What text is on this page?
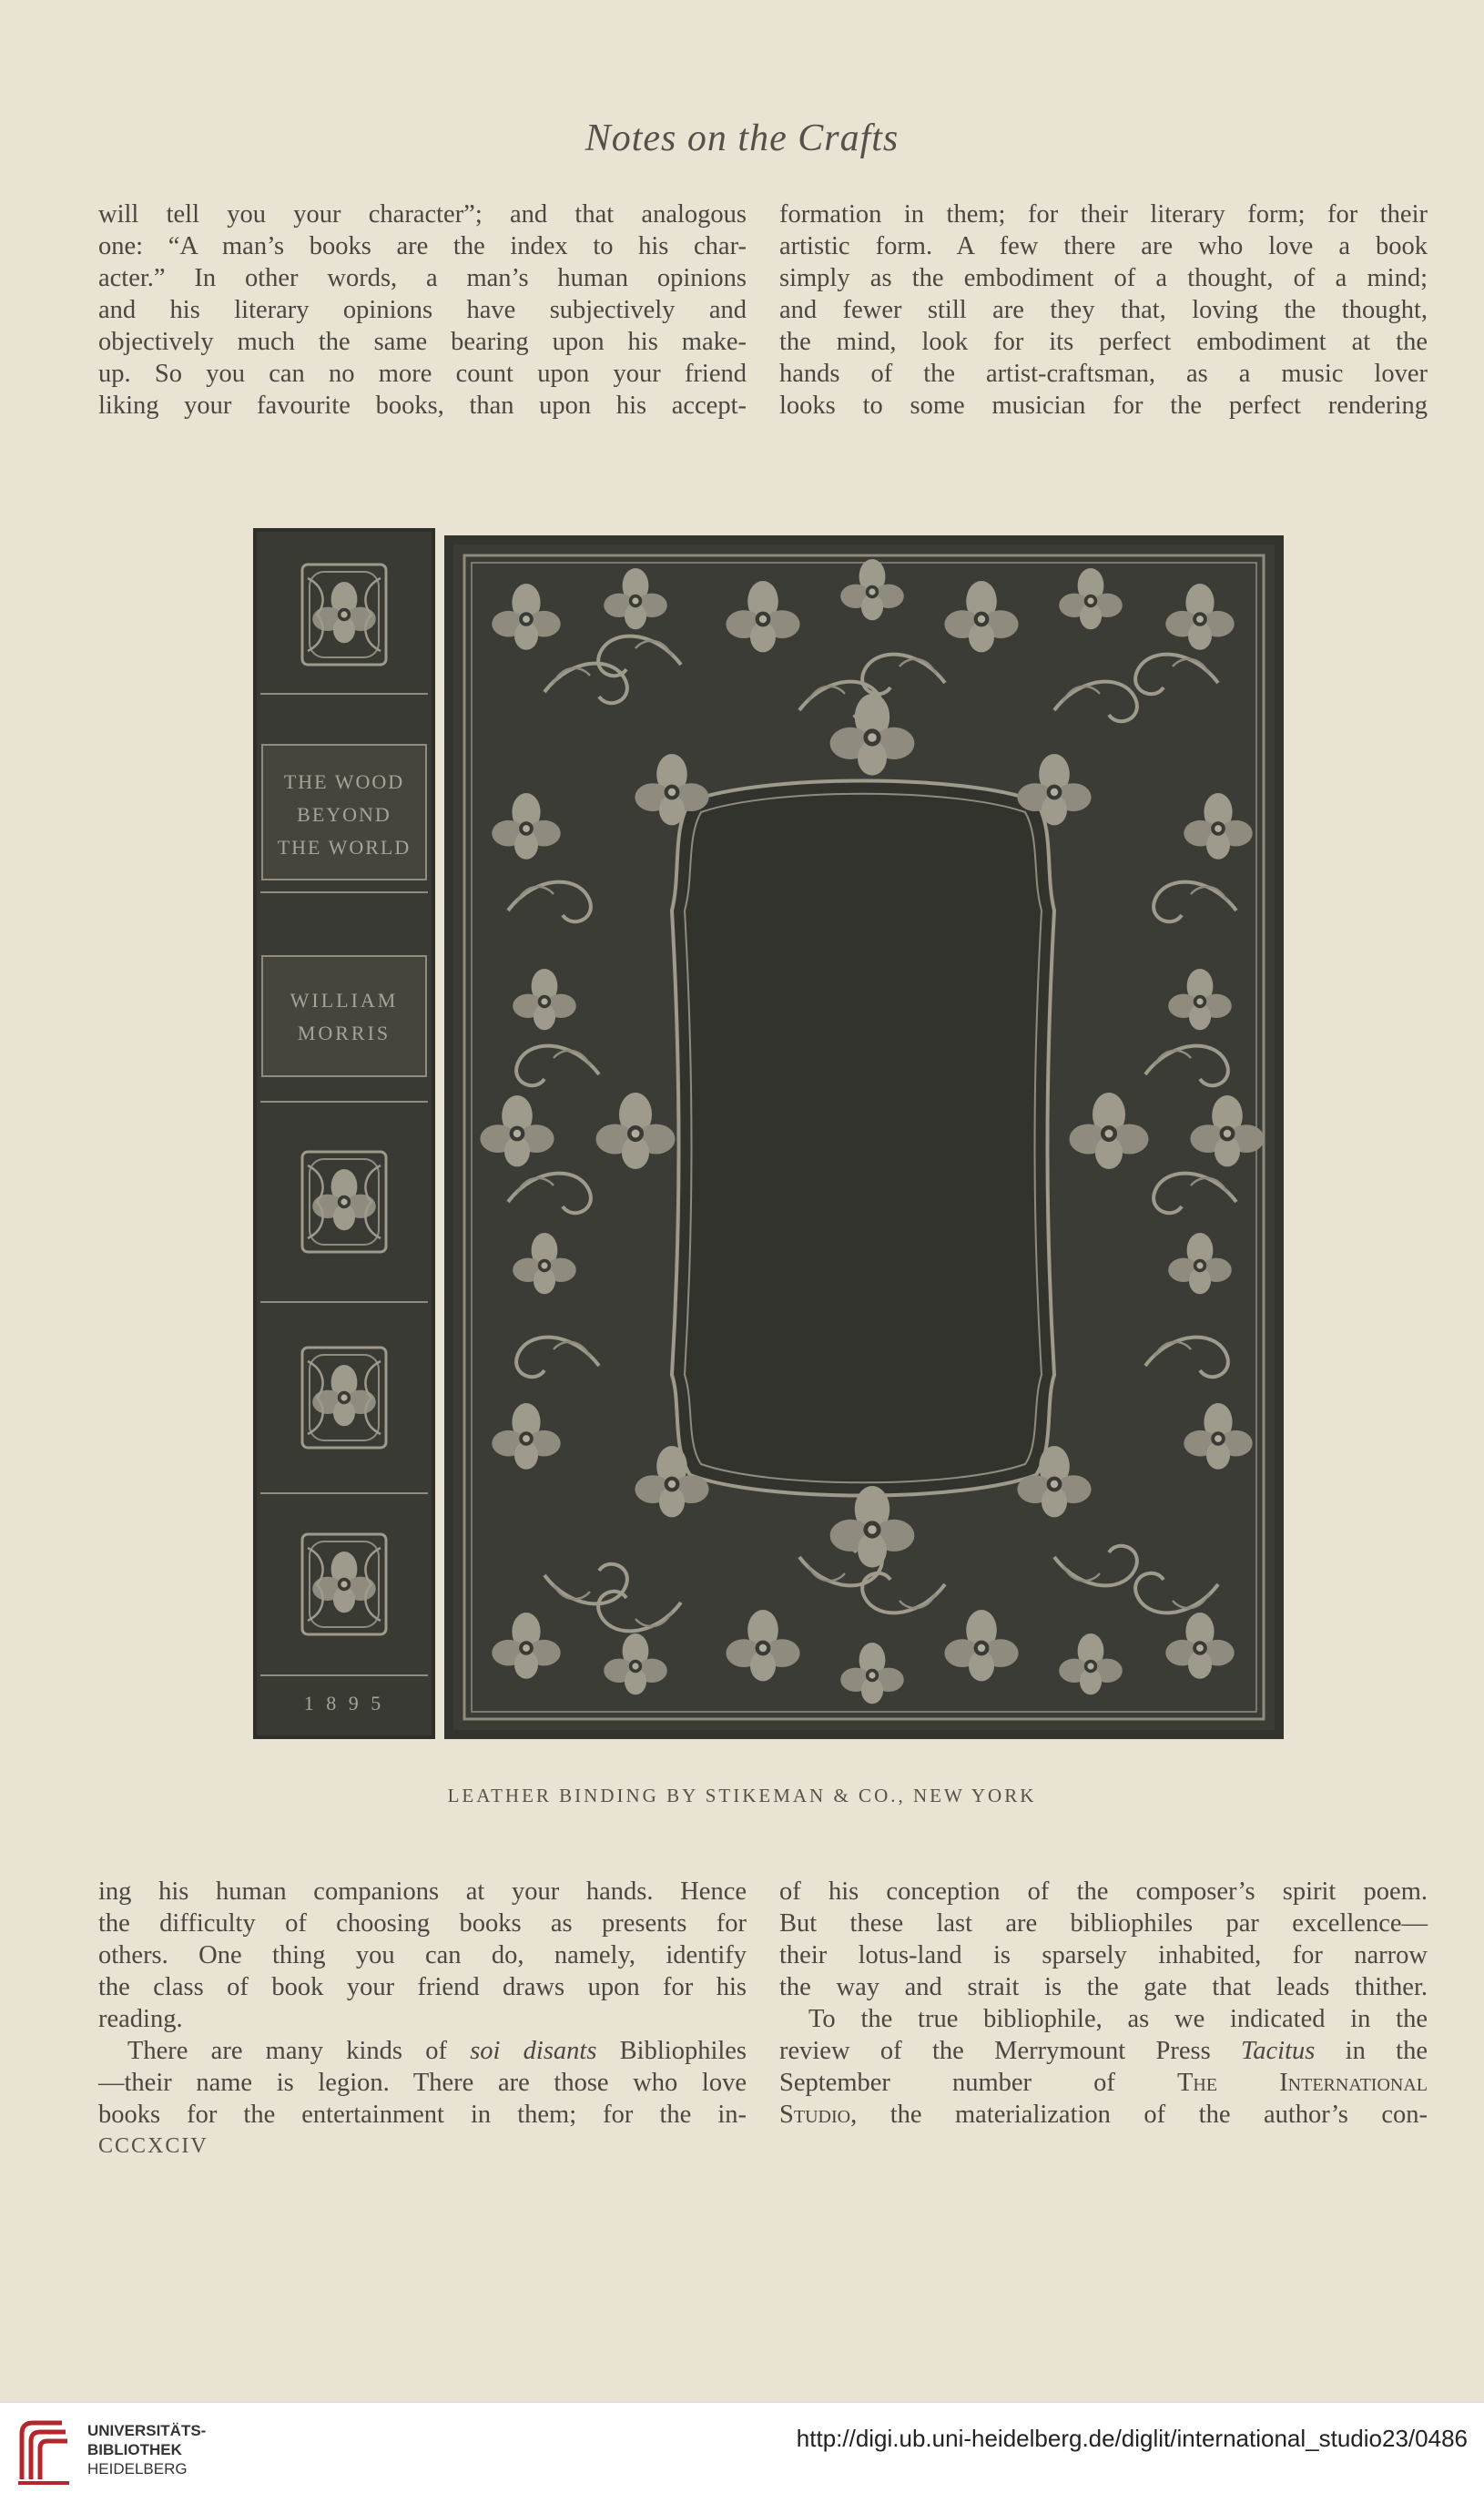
Notes on the Crafts
will tell you your character”; and that analogous
one: “A man’s books are the index to his char-
acter.” In other words, a man’s human opinions
and his literary opinions have subjectively and
objectively much the same bearing upon his make-
up. So you can no more count upon your friend
liking your favourite books, than upon his accept-
formation in them; for their literary form; for their
artistic form. A few there are who love a book
simply as the embodiment of a thought, of a mind;
and fewer still are they that, loving the thought,
the mind, look for its perfect embodiment at the
hands of the artist-craftsman, as a music lover
looks to some musician for the perfect rendering
THE WOOD
BEYOND
THE WORLD
WILLIAM
MORRIS
1 8 9 5
LEATHER BINDING BY STIKEMAN & CO., NEW YORK
ing his human companions at your hands. Hence
the difficulty of choosing books as presents for
others. One thing you can do, namely, identify
the class of book your friend draws upon for his
reading.
There are many kinds of soi disants Bibliophiles
—their name is legion. There are those who love
books for the entertainment in them; for the in-
of his conception of the composer’s spirit poem.
But these last are bibliophiles par excellence—
their lotus-land is sparsely inhabited, for narrow
the way and strait is the gate that leads thither.
To the true bibliophile, as we indicated in the
review of the Merrymount Press Tacitus in the
September number of The International
Studio, the materialization of the author’s con-
CCCXCIV
UNIVERSITÄTS-
BIBLIOTHEK
HEIDELBERG
http://digi.ub.uni-heidelberg.de/diglit/international_studio23/0486
